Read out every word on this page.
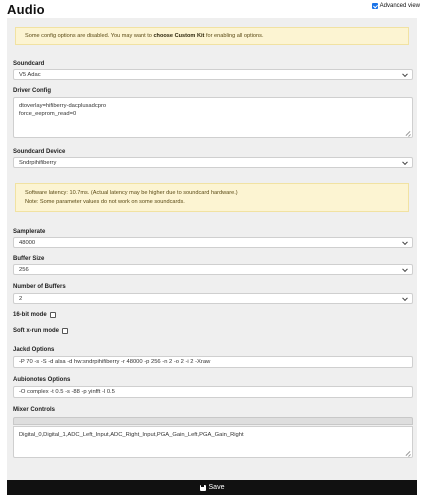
Audio	Advanced view
Some config options are disabled. You may want to choose Custom Kit for enabling all options.
Soundcard
V5 Adac
Driver Config
dtoverlay=hifiberry-dacplusadcpro
force_eeprom_read=0
Soundcard Device
Sndrpihifiberry
Software latency: 10.7ms. (Actual latency may be higher due to soundcard hardware.)
Note: Some parameter values do not work on some soundcards.
Samplerate
48000
Buffer Size
256
Number of Buffers
2
16-bit mode
Soft x-run mode
Jackd Options
-P 70 -s -S -d alsa -d hw:sndrpihifiberry -r 48000 -p 256 -n 2 -o 2 -i 2 -Xraw
Aubionotes Options
-O complex -t 0.5 -s -88 -p yinfft -l 0.5
Mixer Controls
Digital_0,Digital_1,ADC_Left_Input,ADC_Right_Input,PGA_Gain_Left,PGA_Gain_Right
Save
